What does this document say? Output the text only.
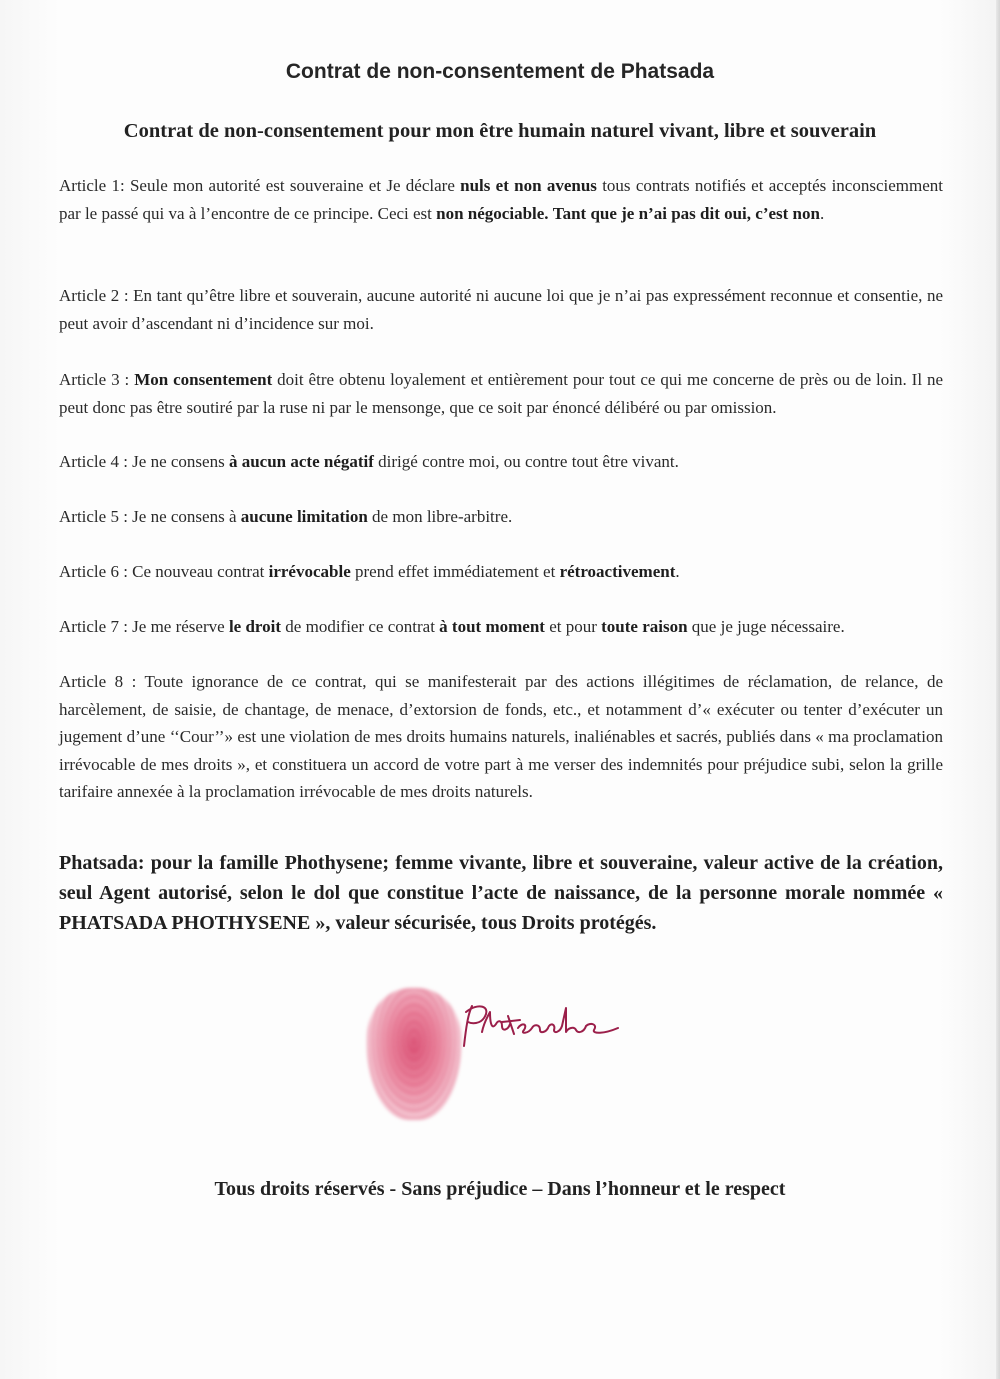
Contrat de non-consentement de Phatsada
Contrat de non-consentement pour mon être humain naturel vivant, libre et souverain

Article 1: Seule mon autorité est souveraine et Je déclare nuls et non avenus tous contrats notifiés et acceptés inconsciemment par le passé qui va à l’encontre de ce principe. Ceci est non négociable. Tant que je n’ai pas dit oui, c’est non.

Article 2 : En tant qu’être libre et souverain, aucune autorité ni aucune loi que je n’ai pas expressément reconnue et consentie, ne peut avoir d’ascendant ni d’incidence sur moi.

Article 3 : Mon consentement doit être obtenu loyalement et entièrement pour tout ce qui me concerne de près ou de loin. Il ne peut donc pas être soutiré par la ruse ni par le mensonge, que ce soit par énoncé délibéré ou par omission.

Article 4 : Je ne consens à aucun acte négatif dirigé contre moi, ou contre tout être vivant.

Article 5 : Je ne consens à aucune limitation de mon libre-arbitre.

Article 6 : Ce nouveau contrat irrévocable prend effet immédiatement et rétroactivement.

Article 7 : Je me réserve le droit de modifier ce contrat à tout moment et pour toute raison que je juge nécessaire.

Article 8 : Toute ignorance de ce contrat, qui se manifesterait par des actions illégitimes de réclamation, de relance, de harcèlement, de saisie, de chantage, de menace, d’extorsion de fonds, etc., et notamment d’« exécuter ou tenter d’exécuter un jugement d’une ‘‘Cour’’» est une violation de mes droits humains naturels, inaliénables et sacrés, publiés dans « ma proclamation irrévocable de mes droits », et constituera un accord de votre part à me verser des indemnités pour préjudice subi, selon la grille tarifaire annexée à la proclamation irrévocable de mes droits naturels.

Phatsada: pour la famille Phothysene; femme vivante, libre et souveraine, valeur active de la création, seul Agent autorisé, selon le dol que constitue l’acte de naissance, de la personne morale nommée « PHATSADA PHOTHYSENE », valeur sécurisée, tous Droits protégés.

Tous droits réservés - Sans préjudice – Dans l’honneur et le respect
